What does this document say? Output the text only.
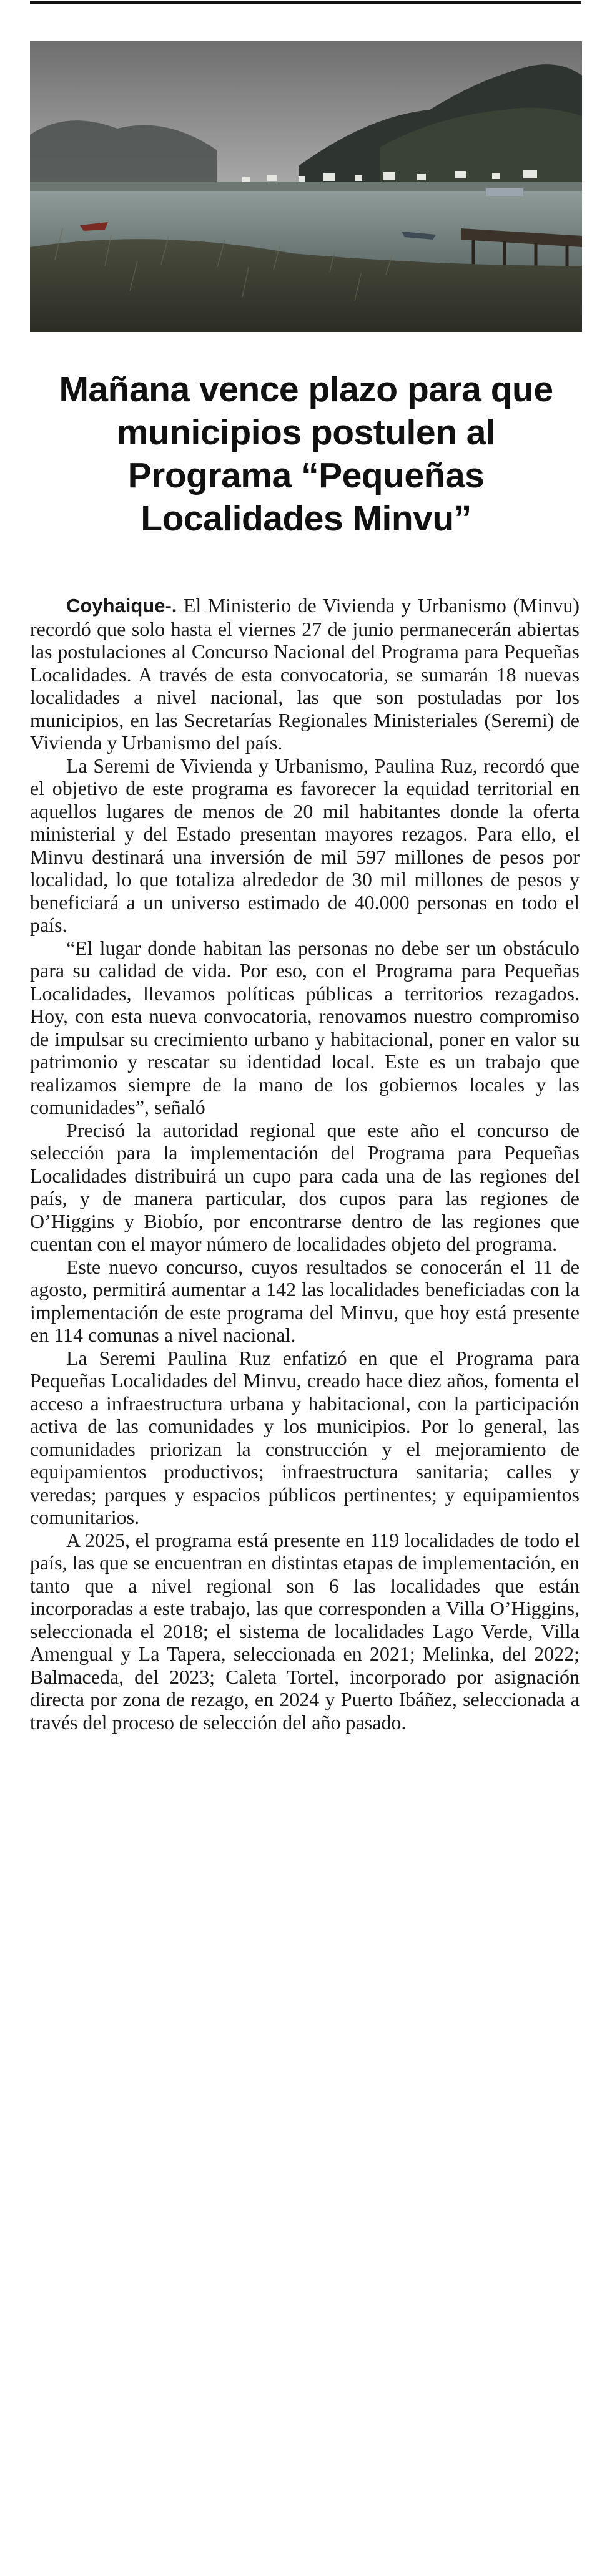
Mañana vence plazo para que municipios postulen al Programa “Pequeñas Localidades Minvu”

Coyhaique-. El Ministerio de Vivienda y Urbanismo (Minvu) recordó que solo hasta el viernes 27 de junio permanecerán abiertas las postulaciones al Concurso Nacional del Programa para Pequeñas Localidades. A través de esta convocatoria, se sumarán 18 nuevas localidades a nivel nacional, las que son postuladas por los municipios, en las Secretarías Regionales Ministeriales (Seremi) de Vivienda y Urbanismo del país.

La Seremi de Vivienda y Urbanismo, Paulina Ruz, recordó que el objetivo de este programa es favorecer la equidad territorial en aquellos lugares de menos de 20 mil habitantes donde la oferta ministerial y del Estado presentan mayores rezagos. Para ello, el Minvu destinará una inversión de mil 597 millones de pesos por localidad, lo que totaliza alrededor de 30 mil millones de pesos y beneficiará a un universo estimado de 40.000 personas en todo el país.

“El lugar donde habitan las personas no debe ser un obstáculo para su calidad de vida. Por eso, con el Programa para Pequeñas Localidades, llevamos políticas públicas a territorios rezagados. Hoy, con esta nueva convocatoria, renovamos nuestro compromiso de impulsar su crecimiento urbano y habitacional, poner en valor su patrimonio y rescatar su identidad local. Este es un trabajo que realizamos siempre de la mano de los gobiernos locales y las comunidades”, señaló

Precisó la autoridad regional que este año el concurso de selección para la implementación del Programa para Pequeñas Localidades distribuirá un cupo para cada una de las regiones del país, y de manera particular, dos cupos para las regiones de O’Higgins y Biobío, por encontrarse dentro de las regiones que cuentan con el mayor número de localidades objeto del programa.

Este nuevo concurso, cuyos resultados se conocerán el 11 de agosto, permitirá aumentar a 142 las localidades beneficiadas con la implementación de este programa del Minvu, que hoy está presente en 114 comunas a nivel nacional.

La Seremi Paulina Ruz enfatizó en que el Programa para Pequeñas Localidades del Minvu, creado hace diez años, fomenta el acceso a infraestructura urbana y habitacional, con la participación activa de las comunidades y los municipios. Por lo general, las comunidades priorizan la construcción y el mejoramiento de equipamientos productivos; infraestructura sanitaria; calles y veredas; parques y espacios públicos pertinentes; y equipamientos comunitarios.

A 2025, el programa está presente en 119 localidades de todo el país, las que se encuentran en distintas etapas de implementación, en tanto que a nivel regional son 6 las localidades que están incorporadas a este trabajo, las que corresponden a Villa O’Higgins, seleccionada el 2018; el sistema de localidades Lago Verde, Villa Amengual y La Tapera, seleccionada en 2021; Melinka, del 2022; Balmaceda, del 2023; Caleta Tortel, incorporado por asignación directa por zona de rezago, en 2024 y Puerto Ibáñez, seleccionada a través del proceso de selección del año pasado.
